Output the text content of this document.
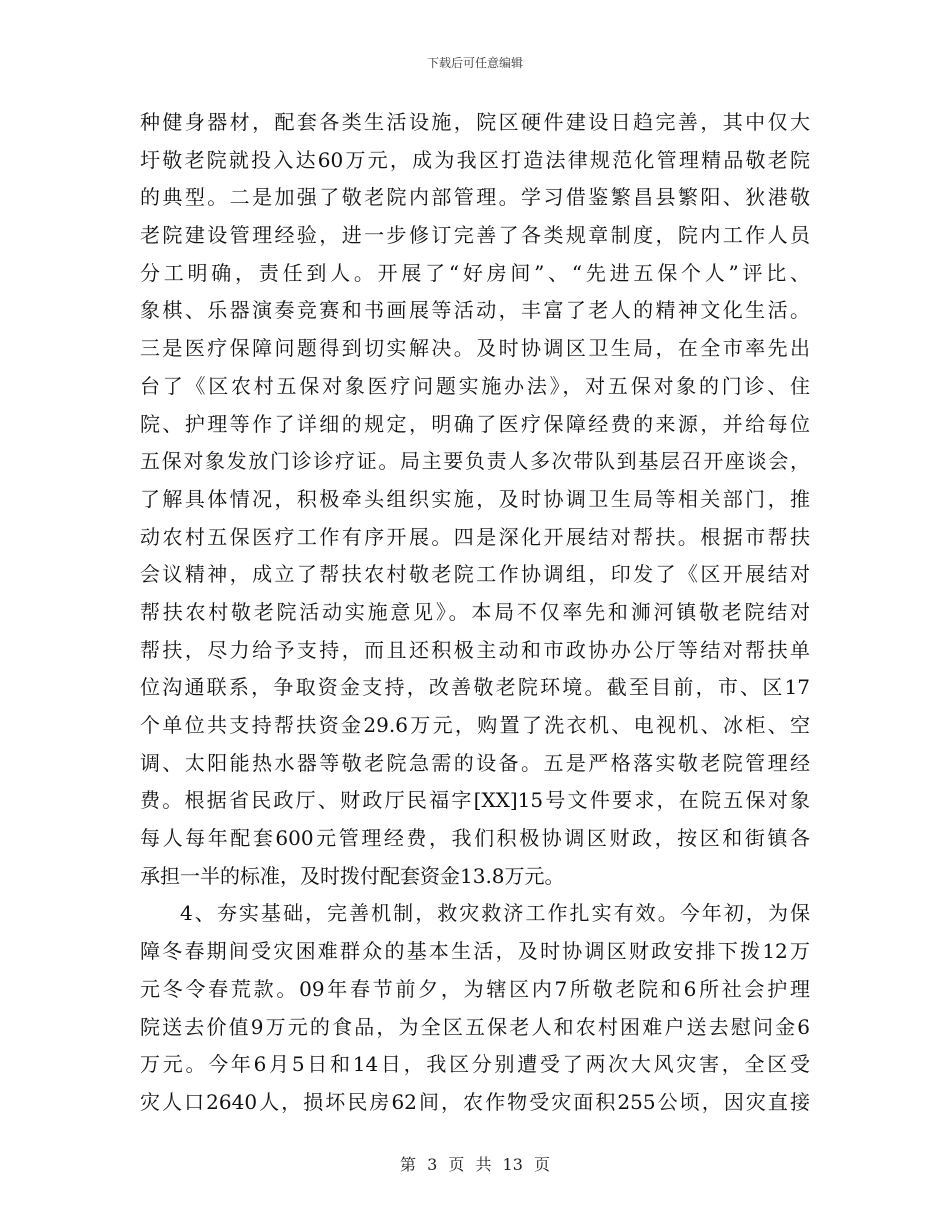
下载后可任意编辑
种健身器材，配套各类生活设施，院区硬件建设日趋完善，其中仅大
圩敬老院就投入达60万元，成为我区打造法律规范化管理精品敬老院
的典型。二是加强了敬老院内部管理。学习借鉴繁昌县繁阳、狄港敬
老院建设管理经验，进一步修订完善了各类规章制度，院内工作人员
分工明确，责任到人。开展了“好房间”、“先进五保个人”评比、
象棋、乐器演奏竞赛和书画展等活动，丰富了老人的精神文化生活。
三是医疗保障问题得到切实解决。及时协调区卫生局，在全市率先出
台了《区农村五保对象医疗问题实施办法》，对五保对象的门诊、住
院、护理等作了详细的规定，明确了医疗保障经费的来源，并给每位
五保对象发放门诊诊疗证。局主要负责人多次带队到基层召开座谈会，
了解具体情况，积极牵头组织实施，及时协调卫生局等相关部门，推
动农村五保医疗工作有序开展。四是深化开展结对帮扶。根据市帮扶
会议精神，成立了帮扶农村敬老院工作协调组，印发了《区开展结对
帮扶农村敬老院活动实施意见》。本局不仅率先和浉河镇敬老院结对
帮扶，尽力给予支持，而且还积极主动和市政协办公厅等结对帮扶单
位沟通联系，争取资金支持，改善敬老院环境。截至目前，市、区17
个单位共支持帮扶资金29.6万元，购置了洗衣机、电视机、冰柜、空
调、太阳能热水器等敬老院急需的设备。五是严格落实敬老院管理经
费。根据省民政厅、财政厅民福字[XX]15号文件要求，在院五保对象
每人每年配套600元管理经费，我们积极协调区财政，按区和街镇各
承担一半的标准，及时拨付配套资金13.8万元。
4、夯实基础，完善机制，救灾救济工作扎实有效。今年初，为保
障冬春期间受灾困难群众的基本生活，及时协调区财政安排下拨12万
元冬令春荒款。09年春节前夕，为辖区内7所敬老院和6所社会护理
院送去价值9万元的食品，为全区五保老人和农村困难户送去慰问金6
万元。今年6月5日和14日，我区分别遭受了两次大风灾害，全区受
灾人口2640人，损坏民房62间，农作物受灾面积255公顷，因灾直接
第 3 页 共 13 页
